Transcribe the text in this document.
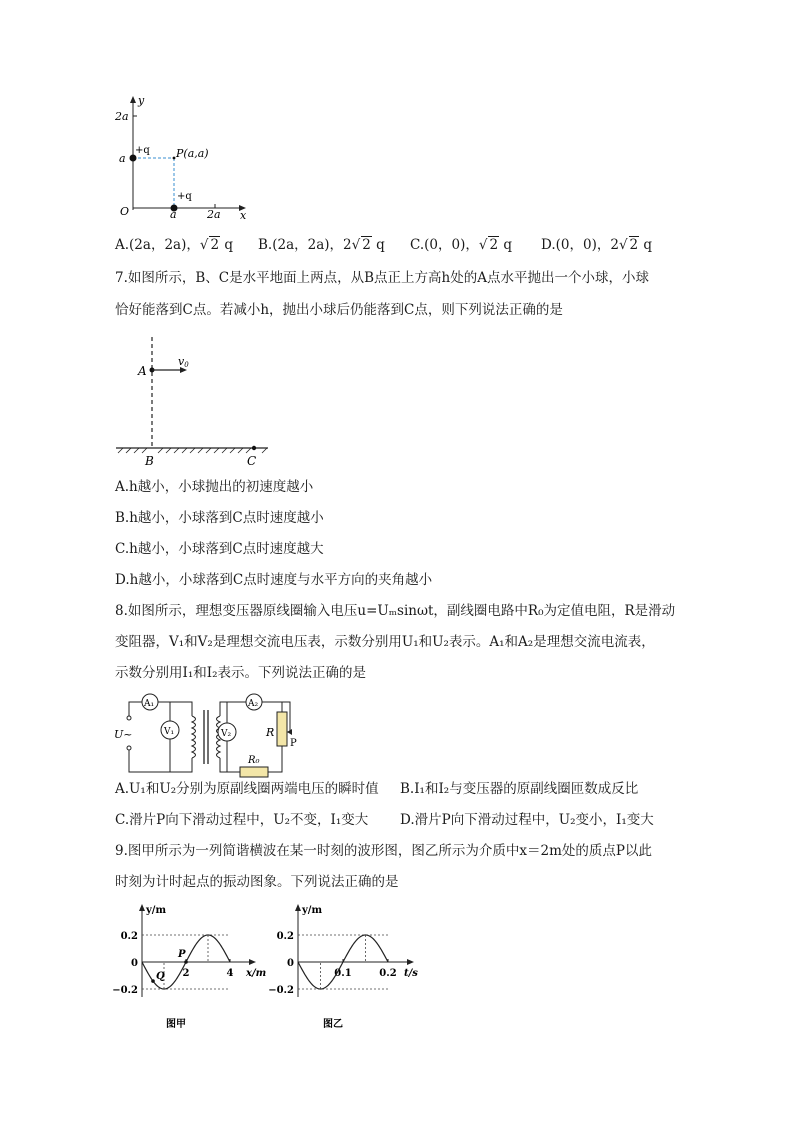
y
x
O
2a
a
a	2a
+q
+q
P(a,a)
A.(2a，2a)，√ 2 q B.(2a，2a)，2√ 2 q C.(0，0)，√ 2 q D.(0，0)，2√ 2 q
7.如图所示，B、C是水平地面上两点，从B点正上方高h处的A点水平抛出一个小球，小球
恰好能落到C点。若减小h，抛出小球后仍能落到C点，则下列说法正确的是
A
v0
B	C
A.h越小，小球抛出的初速度越小
B.h越小，小球落到C点时速度越小
C.h越小，小球落到C点时速度越大
D.h越小，小球落到C点时速度与水平方向的夹角越小
8.如图所示，理想变压器原线圈输入电压u=Uₘsinωt，副线圈电路中R₀为定值电阻，R是滑动
变阻器，V₁和V₂是理想交流电压表，示数分别用U₁和U₂表示。A₁和A₂是理想交流电流表，
示数分别用I₁和I₂表示。下列说法正确的是
A₁
V₁
A₂
V₂
U~	R
P
R₀
A.U₁和U₂分别为原副线圈两端电压的瞬时值 B.I₁和I₂与变压器的原副线圈匝数成反比
C.滑片P向下滑动过程中，U₂不变，I₁变大 D.滑片P向下滑动过程中，U₂变小，I₁变大
9.图甲所示为一列简谐横波在某一时刻的波形图，图乙所示为介质中x＝2m处的质点P以此
时刻为计时起点的振动图象。下列说法正确的是
y/m
x/m
0.2
0
−0.2
2	4
P
Q
图甲
y/m
t/s
0.2
0
−0.2
0.1	0.2
图乙
